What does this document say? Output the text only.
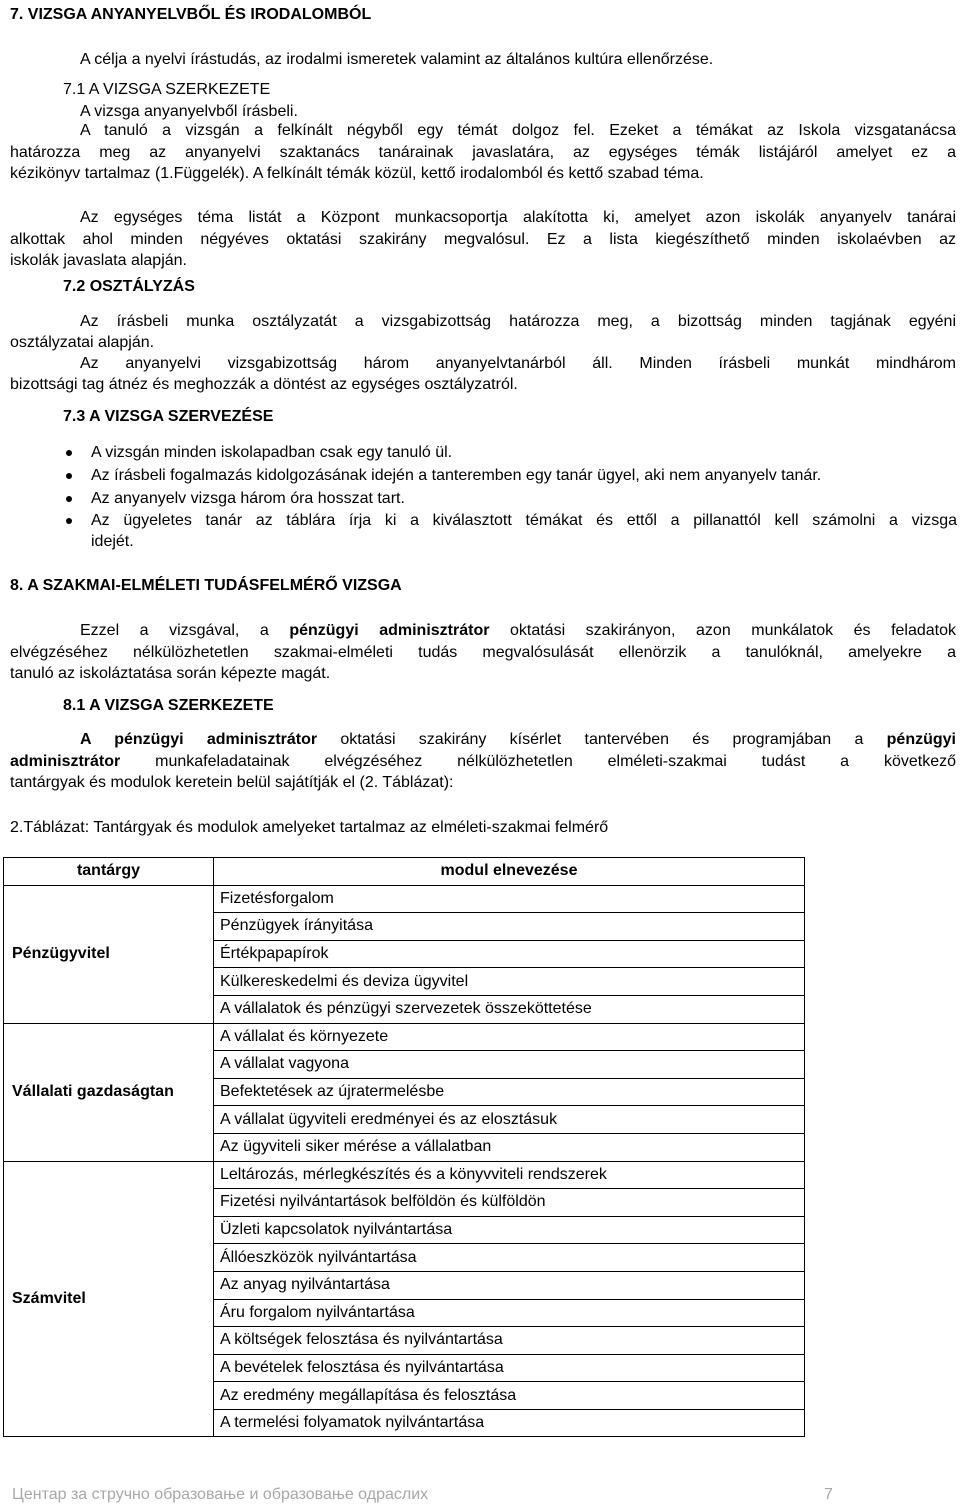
7. VIZSGA ANYANYELVBŐL ÉS IRODALOMBÓL
A célja a nyelvi írástudás, az irodalmi ismeretek valamint az általános kultúra ellenőrzése.
7.1 A VIZSGA SZERKEZETE
A vizsga anyanyelvből írásbeli.
A tanuló a vizsgán a felkínált négyből egy témát dolgoz fel. Ezeket a témákat az Iskola vizsgatanácsa
határozza meg az anyanyelvi szaktanács tanárainak javaslatára, az egységes témák listájáról amelyet ez a
kézikönyv tartalmaz (1.Függelék). A felkínált témák közül, kettő irodalomból és kettő szabad téma.
Az egységes téma listát a Központ munkacsoportja alakította ki, amelyet azon iskolák anyanyelv tanárai
alkottak ahol minden négyéves oktatási szakirány megvalósul. Ez a lista kiegészíthető minden iskolaévben az
iskolák javaslata alapján.
7.2 OSZTÁLYZÁS
Az írásbeli munka osztályzatát a vizsgabizottság határozza meg, a bizottság minden tagjának egyéni
osztályzatai alapján.
Az anyanyelvi vizsgabizottság három anyanyelvtanárból áll. Minden írásbeli munkát mindhárom
bizottsági tag átnéz és meghozzák a döntést az egységes osztályzatról.
7.3 A VIZSGA SZERVEZÉSE
A vizsgán minden iskolapadban csak egy tanuló ül.
Az írásbeli fogalmazás kidolgozásának idején a tanteremben egy tanár ügyel, aki nem anyanyelv tanár.
Az anyanyelv vizsga három óra hosszat tart.
Az ügyeletes tanár az táblára írja ki a kiválasztott témákat és ettől a pillanattól kell számolni a vizsga
idejét.
8. A SZAKMAI-ELMÉLETI TUDÁSFELMÉRŐ VIZSGA
Ezzel a vizsgával, a pénzügyi adminisztrátor oktatási szakirányon, azon munkálatok és feladatok
elvégzéséhez nélkülözhetetlen szakmai-elméleti tudás megvalósulását ellenörzik a tanulóknál, amelyekre a
tanuló az iskoláztatása során képezte magát.
8.1 A VIZSGA SZERKEZETE
A pénzügyi adminisztrátor oktatási szakirány kísérlet tantervében és programjában a pénzügyi
adminisztrátor munkafeladatainak elvégzéséhez nélkülözhetetlen elméleti-szakmai tudást a következő
tantárgyak és modulok keretein belül sajátítják el (2. Táblázat):
2.Táblázat: Tantárgyak és modulok amelyeket tartalmaz az elméleti-szakmai felmérő
tantárgy	modul elnevezése
Pénzügyvitel	Fizetésforgalom
	Pénzügyek írányitása
	Értékpapapírok
	Külkereskedelmi és deviza ügyvitel
	A vállalatok és pénzügyi szervezetek összeköttetése
Vállalati gazdaságtan	A vállalat és környezete
	A vállalat vagyona
	Befektetések az újratermelésbe
	A vállalat ügyviteli eredményei és az elosztásuk
	Az ügyviteli siker mérése a vállalatban
Számvitel	Leltározás, mérlegkészítés és a könyvviteli rendszerek
	Fizetési nyilvántartások belföldön és külföldön
	Üzleti kapcsolatok nyilvántartása
	Állóeszközök nyilvántartása
	Az anyag nyilvántartása
	Áru forgalom nyilvántartása
	A költségek felosztása és nyilvántartása
	A bevételek felosztása és nyilvántartása
	Az eredmény megállapítása és felosztása
	A termelési folyamatok nyilvántartása
Центар за стручно образовање и образовање одраслих	7
